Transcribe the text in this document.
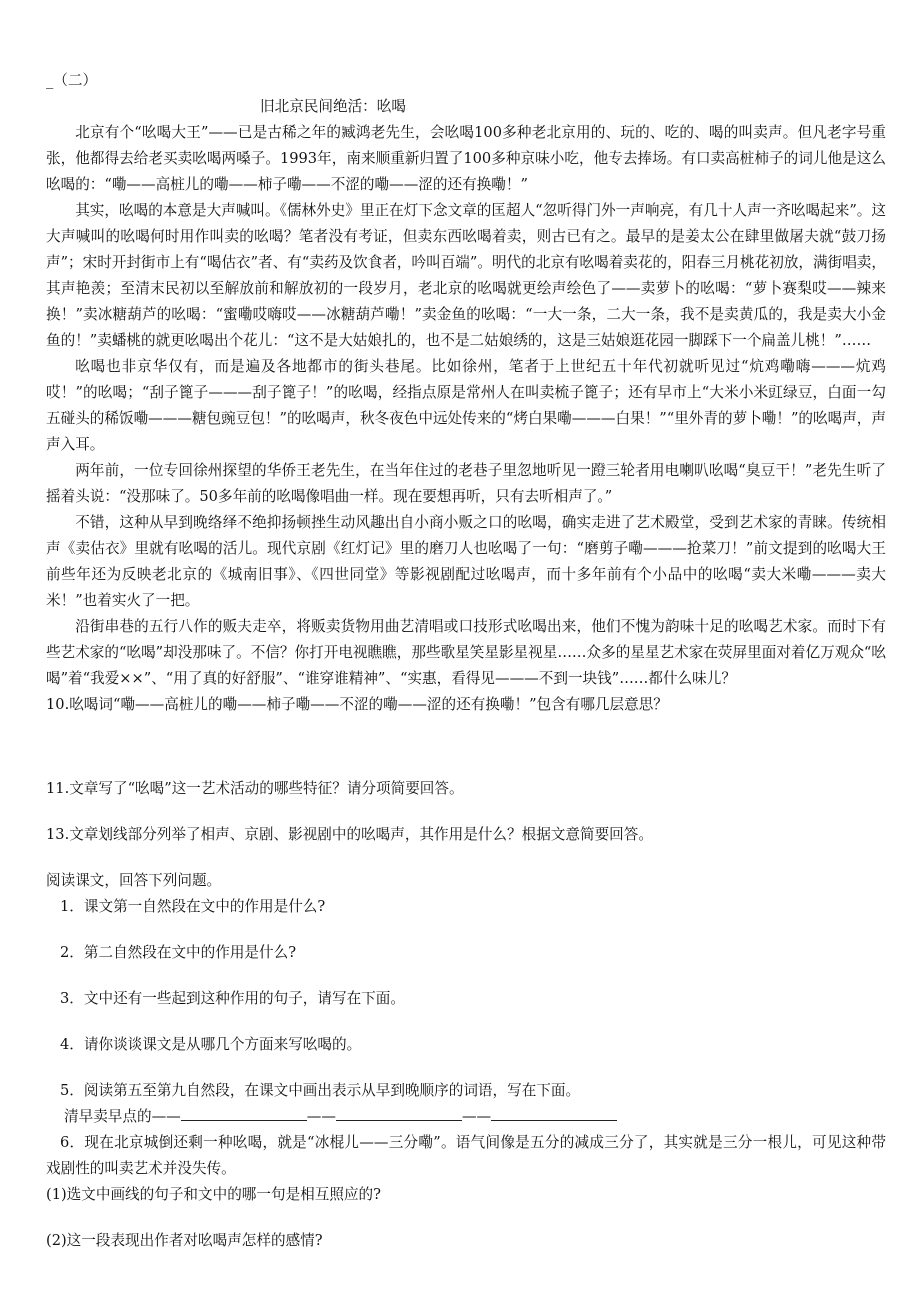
_（二）
旧北京民间绝活：吆喝

北京有个“吆喝大王”——已是古稀之年的臧鸿老先生，会吆喝100多种老北京用的、玩的、吃的、喝的叫卖声。但凡老字号重张，他都得去给老买卖吆喝两嗓子。1993年，南来顺重新归置了100多种京味小吃，他专去捧场。有口卖高桩柿子的词儿他是这么吆喝的：“嘞——高桩儿的嘞——柿子嘞——不涩的嘞——涩的还有换嘞！”

其实，吆喝的本意是大声喊叫。《儒林外史》里正在灯下念文章的匡超人“忽听得门外一声响亮，有几十人声一齐吆喝起来”。这大声喊叫的吆喝何时用作叫卖的吆喝？笔者没有考证，但卖东西吆喝着卖，则古已有之。最早的是姜太公在肆里做屠夫就“鼓刀扬声”；宋时开封街市上有“喝估衣”者、有“卖药及饮食者，吟叫百端”。明代的北京有吆喝着卖花的，阳春三月桃花初放，满街唱卖，其声艳羡；至清末民初以至解放前和解放初的一段岁月，老北京的吆喝就更绘声绘色了——卖萝卜的吆喝：“萝卜赛梨哎——辣来换！”卖冰糖葫芦的吆喝：“蜜嘞哎嗨哎——冰糖葫芦嘞！”卖金鱼的吆喝：“一大一条，二大一条，我不是卖黄瓜的，我是卖大小金鱼的！”卖蟠桃的就更吆喝出个花儿：“这不是大姑娘扎的，也不是二姑娘绣的，这是三姑娘逛花园一脚踩下一个扁盖儿桃！”……

吆喝也非京华仅有，而是遍及各地都市的街头巷尾。比如徐州，笔者于上世纪五十年代初就听见过“炕鸡嘞嗨———炕鸡哎！”的吆喝；“刮子篦子———刮子篦子！”的吆喝，经指点原是常州人在叫卖梳子篦子；还有早市上“大米小米豇绿豆，白面一勾五碰头的稀饭嘞———糖包豌豆包！”的吆喝声，秋冬夜色中远处传来的“烤白果嘞———白果！”“里外青的萝卜嘞！”的吆喝声，声声入耳。

两年前，一位专回徐州探望的华侨王老先生，在当年住过的老巷子里忽地听见一蹬三轮者用电喇叭吆喝“臭豆干！”老先生听了摇着头说：“没那味了。50多年前的吆喝像唱曲一样。现在要想再听，只有去听相声了。”

不错，这种从早到晚络绎不绝抑扬顿挫生动风趣出自小商小贩之口的吆喝，确实走进了艺术殿堂，受到艺术家的青睐。传统相声《卖估衣》里就有吆喝的活儿。现代京剧《红灯记》里的磨刀人也吆喝了一句：“磨剪子嘞———抢菜刀！”前文提到的吆喝大王前些年还为反映老北京的《城南旧事》、《四世同堂》等影视剧配过吆喝声，而十多年前有个小品中的吆喝“卖大米嘞———卖大米！”也着实火了一把。

沿街串巷的五行八作的贩夫走卒，将贩卖货物用曲艺清唱或口技形式吆喝出来，他们不愧为韵味十足的吆喝艺术家。而时下有些艺术家的“吆喝”却没那味了。不信？你打开电视瞧瞧，那些歌星笑星影星视星……众多的星星艺术家在荧屏里面对着亿万观众“吆喝”着“我爱××”、“用了真的好舒服”、“谁穿谁精神”、“实惠，看得见———不到一块钱”……都什么味儿？

10.吆喝词“嘞——高桩儿的嘞——柿子嘞——不涩的嘞——涩的还有换嘞！”包含有哪几层意思？

11.文章写了“吆喝”这一艺术活动的哪些特征？请分项简要回答。

13.文章划线部分列举了相声、京剧、影视剧中的吆喝声，其作用是什么？根据文意简要回答。

阅读课文，回答下列问题。

1．课文第一自然段在文中的作用是什么?

2．第二自然段在文中的作用是什么?

3．文中还有一些起到这种作用的句子，请写在下面。

4．请你谈谈课文是从哪几个方面来写吆喝的。

5．阅读第五至第九自然段，在课文中画出表示从早到晚顺序的词语，写在下面。

清早卖早点的——	——	——

6．现在北京城倒还剩一种吆喝，就是“冰棍儿——三分嘞”。语气间像是五分的减成三分了，其实就是三分一根儿，可见这种带戏剧性的叫卖艺术并没失传。

(1)选文中画线的句子和文中的哪一句是相互照应的?

(2)这一段表现出作者对吆喝声怎样的感情?
